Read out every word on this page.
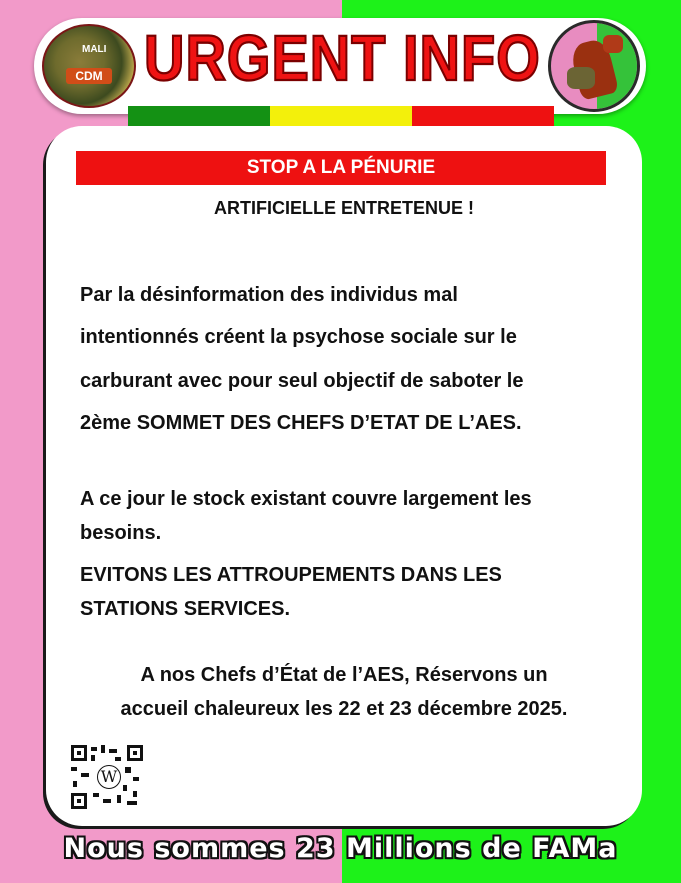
MALI
CDM URGENT INFO
STOP A LA PÉNURIE
ARTIFICIELLE ENTRETENUE !
Par la désinformation des individus mal
intentionnés créent la psychose sociale sur le
carburant avec pour seul objectif de saboter le
2ème SOMMET DES CHEFS D’ETAT DE L’AES.
A ce jour le stock existant couvre largement les
besoins.
EVITONS LES ATTROUPEMENTS DANS LES
STATIONS SERVICES.
A nos Chefs d’État de l’AES, Réservons un
accueil chaleureux les 22 et 23 décembre 2025.
W
Nous sommes 23 Millions de FAMa
